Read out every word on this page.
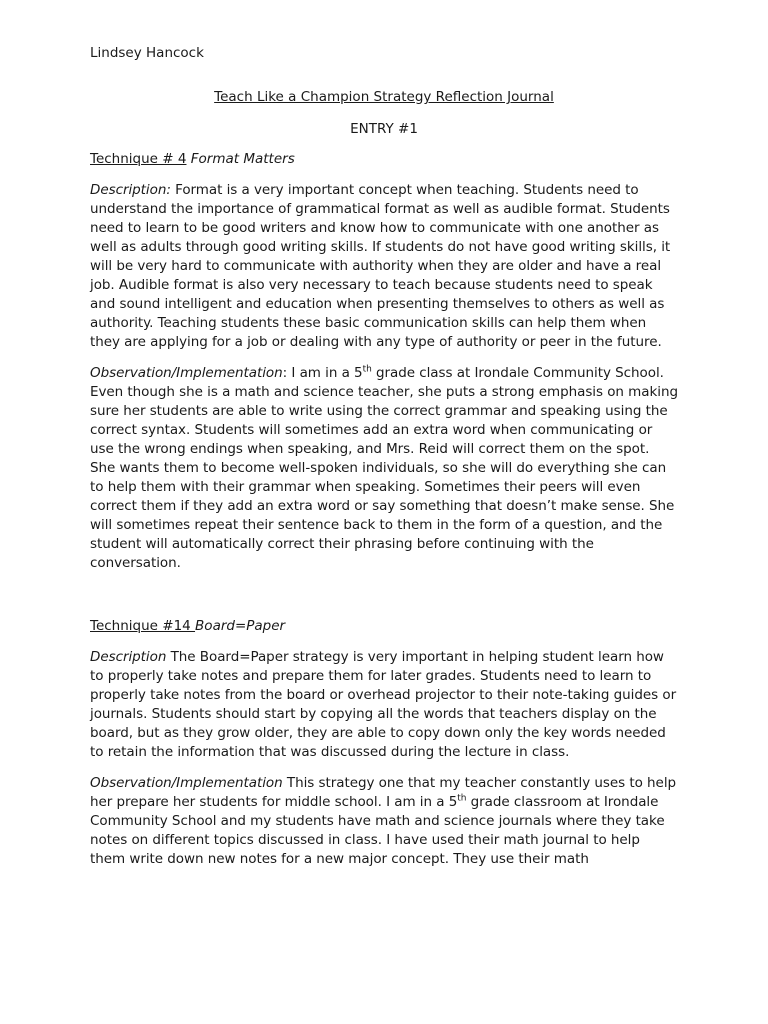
Lindsey Hancock
Teach Like a Champion Strategy Reflection Journal
ENTRY #1
Technique # 4 Format Matters

Description: Format is a very important concept when teaching. Students need to understand the importance of grammatical format as well as audible format. Students need to learn to be good writers and know how to communicate with one another as well as adults through good writing skills. If students do not have good writing skills, it will be very hard to communicate with authority when they are older and have a real job. Audible format is also very necessary to teach because students need to speak and sound intelligent and education when presenting themselves to others as well as authority. Teaching students these basic communication skills can help them when they are applying for a job or dealing with any type of authority or peer in the future.

Observation/Implementation: I am in a 5th grade class at Irondale Community School. Even though she is a math and science teacher, she puts a strong emphasis on making sure her students are able to write using the correct grammar and speaking using the correct syntax. Students will sometimes add an extra word when communicating or use the wrong endings when speaking, and Mrs. Reid will correct them on the spot. She wants them to become well-spoken individuals, so she will do everything she can to help them with their grammar when speaking. Sometimes their peers will even correct them if they add an extra word or say something that doesn’t make sense. She will sometimes repeat their sentence back to them in the form of a question, and the student will automatically correct their phrasing before continuing with the conversation.

Technique #14 Board=Paper

Description The Board=Paper strategy is very important in helping student learn how to properly take notes and prepare them for later grades. Students need to learn to properly take notes from the board or overhead projector to their note-taking guides or journals. Students should start by copying all the words that teachers display on the board, but as they grow older, they are able to copy down only the key words needed to retain the information that was discussed during the lecture in class.

Observation/Implementation This strategy one that my teacher constantly uses to help her prepare her students for middle school. I am in a 5th grade classroom at Irondale Community School and my students have math and science journals where they take notes on different topics discussed in class. I have used their math journal to help them write down new notes for a new major concept. They use their math
